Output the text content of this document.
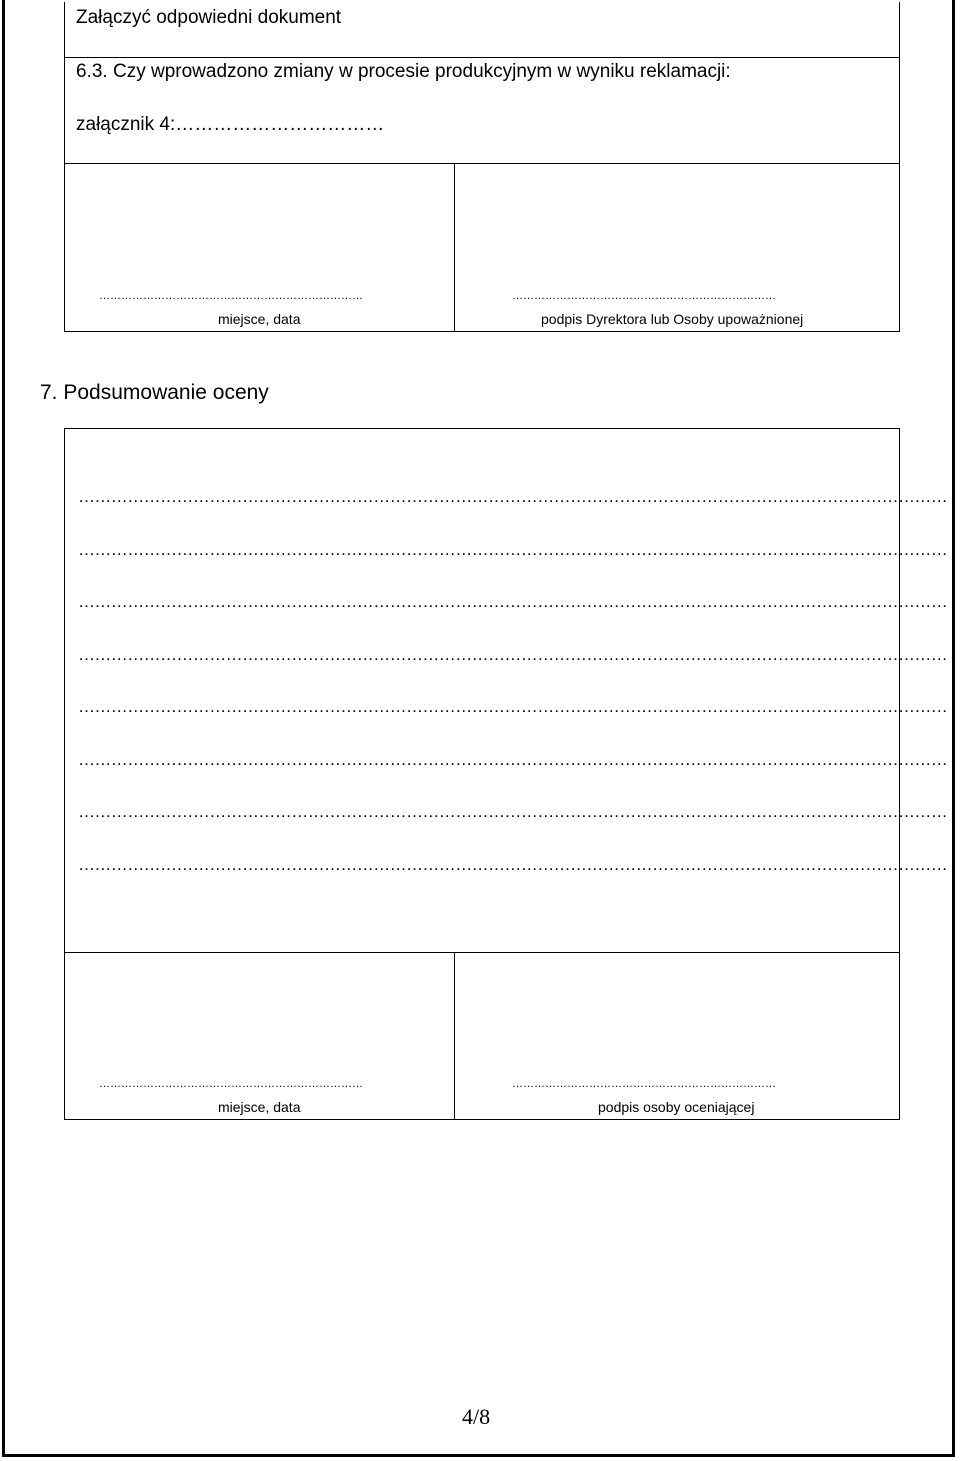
Załączyć odpowiedni dokument
6.3. Czy wprowadzono zmiany w procesie produkcyjnym w wyniku reklamacji:
załącznik 4:……………………………
………………………………………………………………	………………………………………………………………
miejsce, data	podpis Dyrektora lub Osoby upoważnionej
7. Podsumowanie oceny
……………………………………………………………………………………………………………………………………………
……………………………………………………………………………………………………………………………………………
……………………………………………………………………………………………………………………………………………
……………………………………………………………………………………………………………………………………………
……………………………………………………………………………………………………………………………………………
……………………………………………………………………………………………………………………………………………
……………………………………………………………………………………………………………………………………………
……………………………………………………………………………………………………………………………………………
………………………………………………………………	………………………………………………………………
miejsce, data	podpis osoby oceniającej
4/8
